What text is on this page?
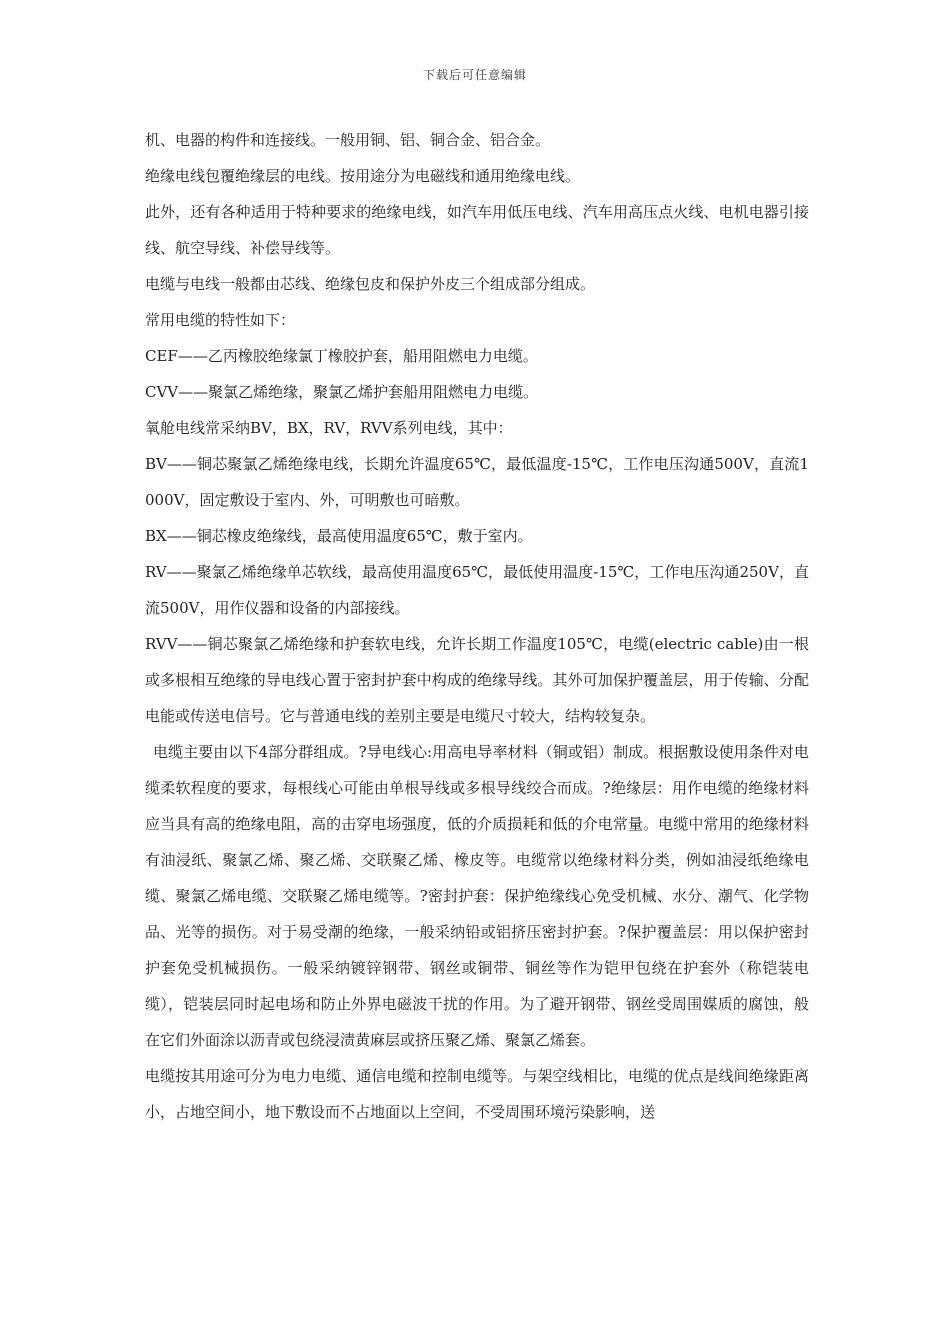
下载后可任意编辑

机、电器的构件和连接线。一般用铜、铝、铜合金、铝合金。

绝缘电线包覆绝缘层的电线。按用途分为电磁线和通用绝缘电线。

此外，还有各种适用于特种要求的绝缘电线，如汽车用低压电线、汽车用高压点火线、电机电器引接线、航空导线、补偿导线等。

电缆与电线一般都由芯线、绝缘包皮和保护外皮三个组成部分组成。

常用电缆的特性如下：

CEF——乙丙橡胶绝缘氯丁橡胶护套，船用阻燃电力电缆。

CVV——聚氯乙烯绝缘，聚氯乙烯护套船用阻燃电力电缆。

氧舱电线常采纳BV，BX，RV，RVV系列电线，其中：

BV——铜芯聚氯乙烯绝缘电线，长期允许温度65℃，最低温度-15℃，工作电压沟通500V，直流1000V，固定敷设于室内、外，可明敷也可暗敷。

BX——铜芯橡皮绝缘线，最高使用温度65℃，敷于室内。

RV——聚氯乙烯绝缘单芯软线，最高使用温度65℃，最低使用温度-15℃，工作电压沟通250V，直流500V，用作仪器和设备的内部接线。

RVV——铜芯聚氯乙烯绝缘和护套软电线，允许长期工作温度105℃，电缆(electric cable)由一根或多根相互绝缘的导电线心置于密封护套中构成的绝缘导线。其外可加保护覆盖层，用于传输、分配电能或传送电信号。它与普通电线的差别主要是电缆尺寸较大，结构较复杂。

电缆主要由以下4部分群组成。?导电线心:用高电导率材料（铜或铝）制成。根据敷设使用条件对电缆柔软程度的要求，每根线心可能由单根导线或多根导线绞合而成。?绝缘层：用作电缆的绝缘材料应当具有高的绝缘电阻，高的击穿电场强度，低的介质损耗和低的介电常量。电缆中常用的绝缘材料有油浸纸、聚氯乙烯、聚乙烯、交联聚乙烯、橡皮等。电缆常以绝缘材料分类，例如油浸纸绝缘电缆、聚氯乙烯电缆、交联聚乙烯电缆等。?密封护套：保护绝缘线心免受机械、水分、潮气、化学物品、光等的损伤。对于易受潮的绝缘，一般采纳铅或铝挤压密封护套。?保护覆盖层：用以保护密封护套免受机械损伤。一般采纳镀锌钢带、钢丝或铜带、铜丝等作为铠甲包绕在护套外（称铠装电缆），铠装层同时起电场和防止外界电磁波干扰的作用。为了避开钢带、钢丝受周围媒质的腐蚀，般在它们外面涂以沥青或包绕浸渍黄麻层或挤压聚乙烯、聚氯乙烯套。

电缆按其用途可分为电力电缆、通信电缆和控制电缆等。与架空线相比，电缆的优点是线间绝缘距离小，占地空间小，地下敷设而不占地面以上空间，不受周围环境污染影响，送
